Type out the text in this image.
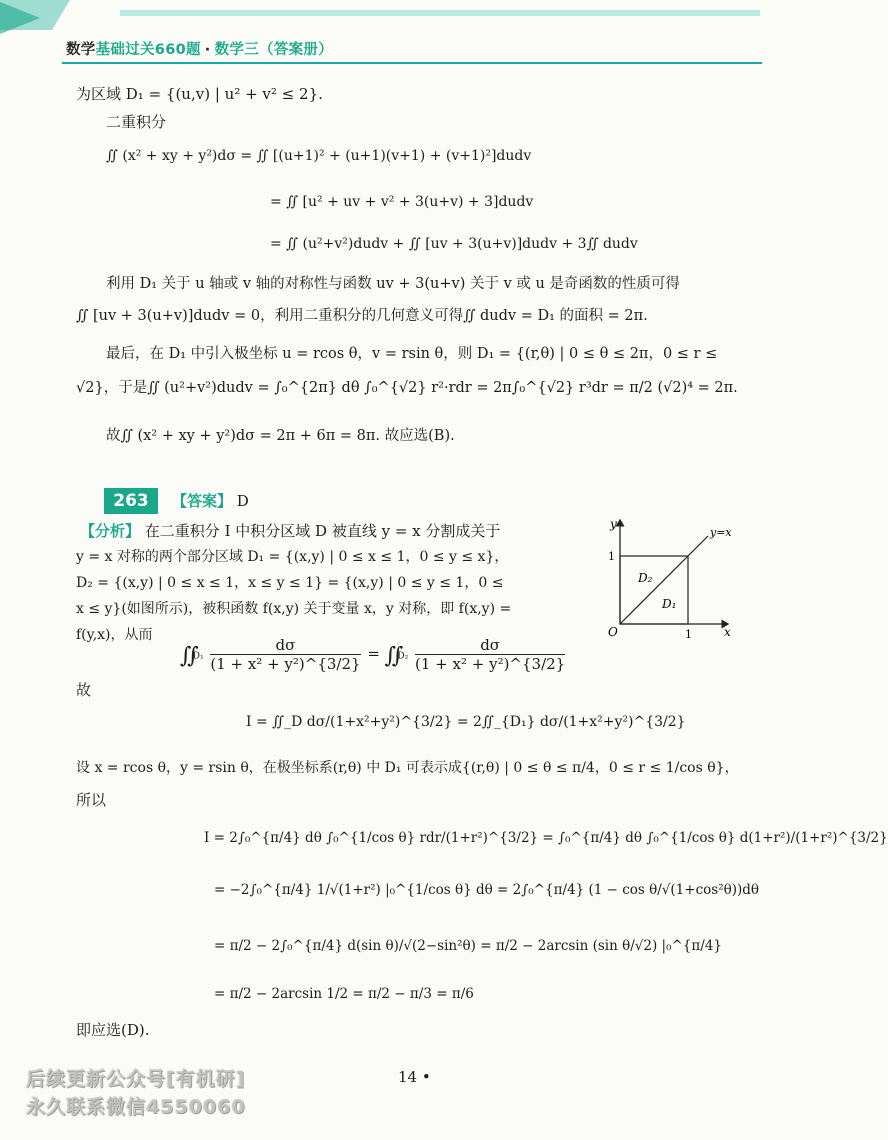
数学基础过关660题 · 数学三（答案册）
为区域 D₁ = {(u,v) | u² + v² ≤ 2}.
二重积分
∬ (x² + xy + y²)dσ = ∬ [(u+1)² + (u+1)(v+1) + (v+1)²]dudv
= ∬ [u² + uv + v² + 3(u+v) + 3]dudv
= ∬ (u²+v²)dudv + ∬ [uv + 3(u+v)]dudv + 3∬ dudv
利用 D₁ 关于 u 轴或 v 轴的对称性与函数 uv + 3(u+v) 关于 v 或 u 是奇函数的性质可得
∬ [uv + 3(u+v)]dudv = 0，利用二重积分的几何意义可得∬ dudv = D₁ 的面积 = 2π.
最后，在 D₁ 中引入极坐标 u = rcos θ，v = rsin θ，则 D₁ = {(r,θ) | 0 ≤ θ ≤ 2π，0 ≤ r ≤
√2}，于是∬ (u²+v²)dudv = ∫₀^{2π} dθ ∫₀^{√2} r²·rdr = 2π∫₀^{√2} r³dr = π/2 (√2)⁴ = 2π.
故∬ (x² + xy + y²)dσ = 2π + 6π = 8π. 故应选(B).
263	【答案】 D
【分析】 在二重积分 I 中积分区域 D 被直线 y = x 分割成关于
y = x 对称的两个部分区域 D₁ = {(x,y) | 0 ≤ x ≤ 1，0 ≤ y ≤ x}，
D₂ = {(x,y) | 0 ≤ x ≤ 1，x ≤ y ≤ 1} = {(x,y) | 0 ≤ y ≤ 1，0 ≤
x ≤ y}(如图所示)，被积函数 f(x,y) 关于变量 x，y 对称，即 f(x,y) =
f(y,x)，从而
∬D₁ $\frac{d\sigma}{\text{(1 + x² + y²)\textasciicircum{}\{3/2\}}}$ = ∬D₂ $\frac{d\sigma}{\text{(1 + x² + y²)\textasciicircum{}\{3/2\}}}$
故
I = ∬_D dσ/(1+x²+y²)^{3/2} = 2∬_{D₁} dσ/(1+x²+y²)^{3/2}
设 x = rcos θ，y = rsin θ，在极坐标系(r,θ) 中 D₁ 可表示成{(r,θ) | 0 ≤ θ ≤ π/4，0 ≤ r ≤ 1/cos θ}，
所以
I = 2∫₀^{π/4} dθ ∫₀^{1/cos θ} rdr/(1+r²)^{3/2} = ∫₀^{π/4} dθ ∫₀^{1/cos θ} d(1+r²)/(1+r²)^{3/2}
= −2∫₀^{π/4} 1/√(1+r²) |₀^{1/cos θ} dθ = 2∫₀^{π/4} (1 − cos θ/√(1+cos²θ))dθ
= π/2 − 2∫₀^{π/4} d(sin θ)/√(2−sin²θ) = π/2 − 2arcsin (sin θ/√2) |₀^{π/4}
= π/2 − 2arcsin 1/2 = π/2 − π/3 = π/6
即应选(D).
y
x
O	1
1
y=x
D₂
D₁
14 •
后续更新公众号[有机研]
永久联系微信4550060
